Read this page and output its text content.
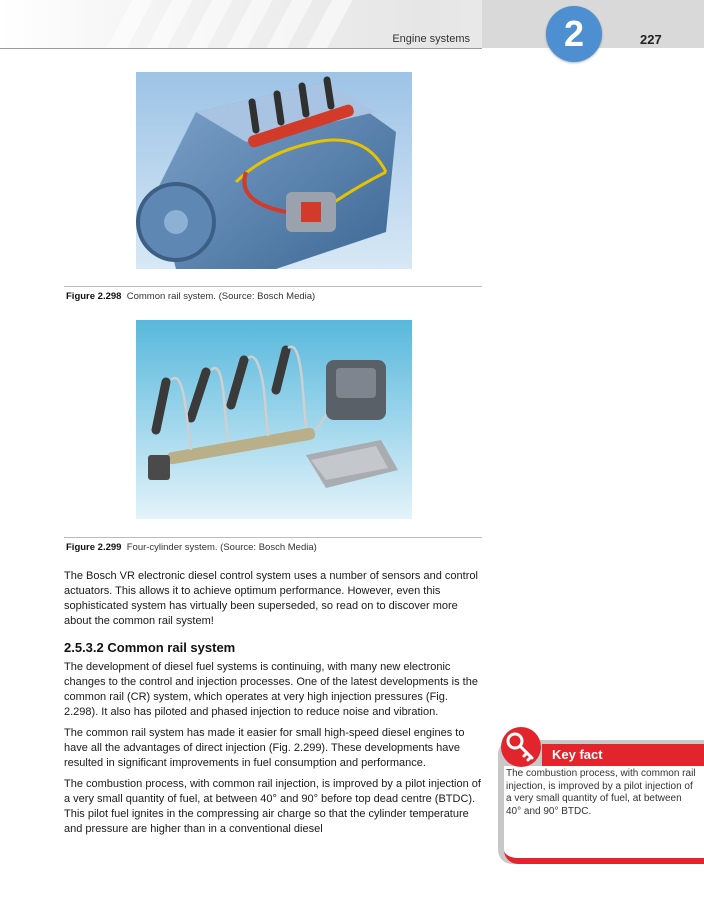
Engine systems	2	227
Figure 2.298 Common rail system. (Source: Bosch Media)
Figure 2.299 Four-cylinder system. (Source: Bosch Media)

The Bosch VR electronic diesel control system uses a number of sensors and control actuators. This allows it to achieve optimum performance. However, even this sophisticated system has virtually been superseded, so read on to discover more about the common rail system!

2.5.3.2 Common rail system

The development of diesel fuel systems is continuing, with many new electronic changes to the control and injection processes. One of the latest developments is the common rail (CR) system, which operates at very high injection pressures (Fig. 2.298). It also has piloted and phased injection to reduce noise and vibration.

The common rail system has made it easier for small high-speed diesel engines to have all the advantages of direct injection (Fig. 2.299). These developments have resulted in significant improvements in fuel consumption and performance.

The combustion process, with common rail injection, is improved by a pilot injection of a very small quantity of fuel, at between 40° and 90° before top dead centre (BTDC). This pilot fuel ignites in the compressing air charge so that the cylinder temperature and pressure are higher than in a conventional diesel

Key fact
The combustion process, with common rail injection, is improved by a pilot injection of a very small quantity of fuel, at between 40° and 90° BTDC.
